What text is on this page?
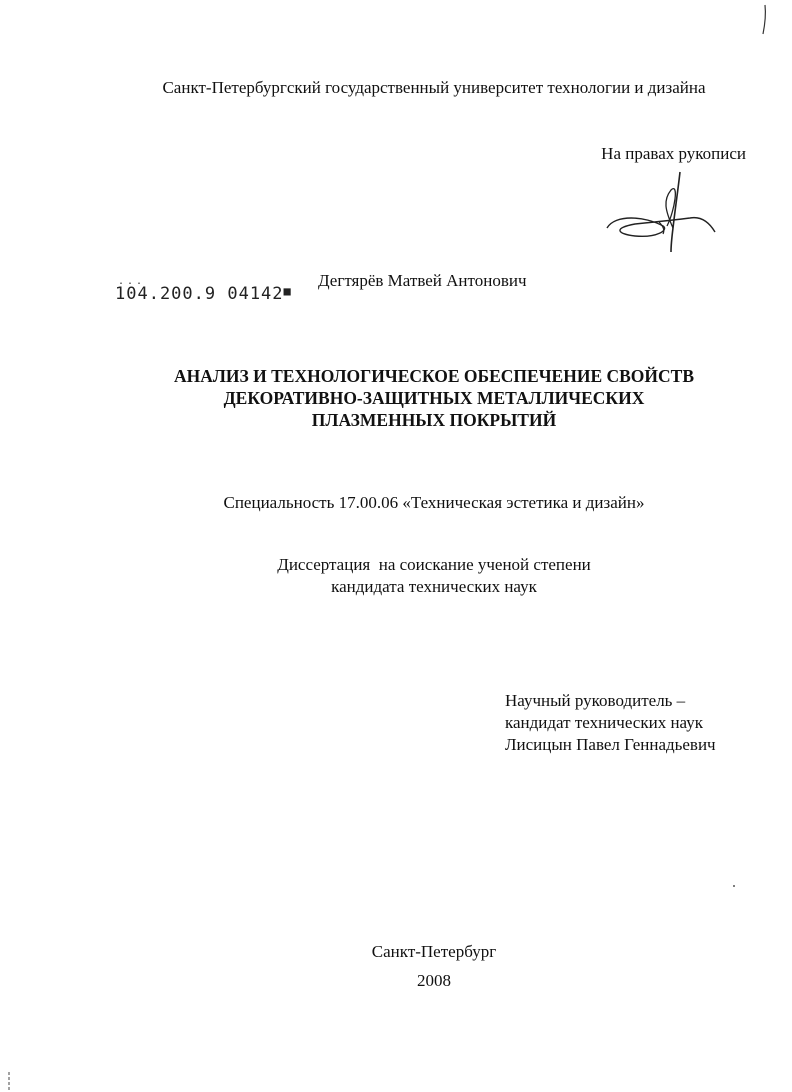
Санкт-Петербургский государственный университет технологии и дизайна
На правах рукописи
...
104.200.9 04142■
Дегтярёв Матвей Антонович
АНАЛИЗ И ТЕХНОЛОГИЧЕСКОЕ ОБЕСПЕЧЕНИЕ СВОЙСТВ
ДЕКОРАТИВНО-ЗАЩИТНЫХ МЕТАЛЛИЧЕСКИХ
ПЛАЗМЕННЫХ ПОКРЫТИЙ
Специальность 17.00.06 «Техническая эстетика и дизайн»
Диссертация  на соискание ученой степени
кандидата технических наук
Научный руководитель –
кандидат технических наук
Лисицын Павел Геннадьевич
Санкт-Петербург
2008
